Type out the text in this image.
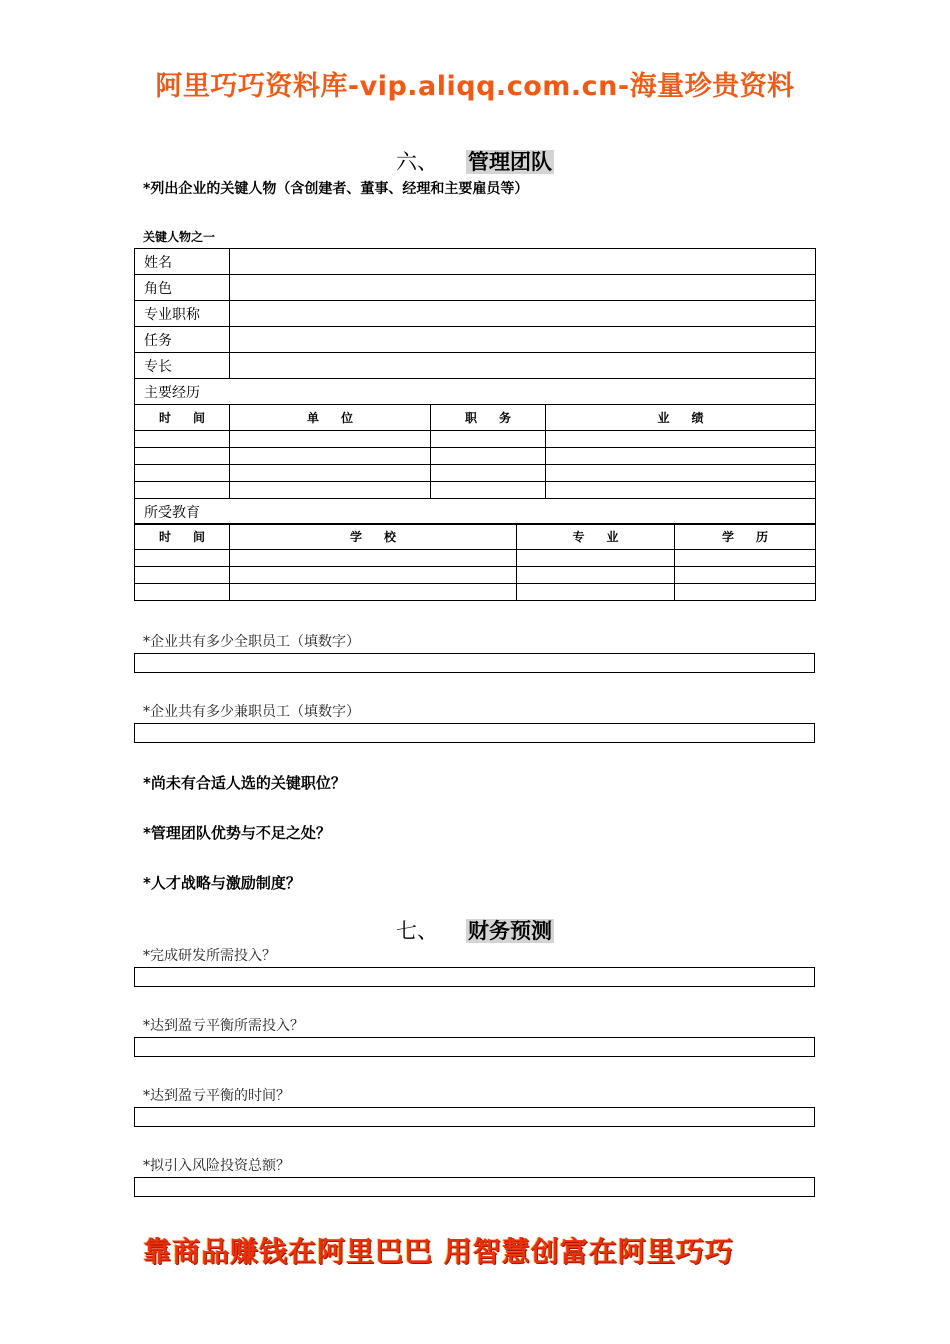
阿里巧巧资料库-vip.aliqq.com.cn-海量珍贵资料
六、 管理团队
*列出企业的关键人物（含创建者、董事、经理和主要雇员等）
关键人物之一
姓名			
角色			
专业职称			
任务			
专长			
主要经历			
时 间	单 位	职 务	业 绩

所受教育			
时 间	学 校	专 业	学 历

*企业共有多少全职员工（填数字）
*企业共有多少兼职员工（填数字）
*尚未有合适人选的关键职位？
*管理团队优势与不足之处？
*人才战略与激励制度？
七、 财务预测
*完成研发所需投入？
*达到盈亏平衡所需投入？
*达到盈亏平衡的时间？
*拟引入风险投资总额？
靠商品赚钱在阿里巴巴 用智慧创富在阿里巧巧
